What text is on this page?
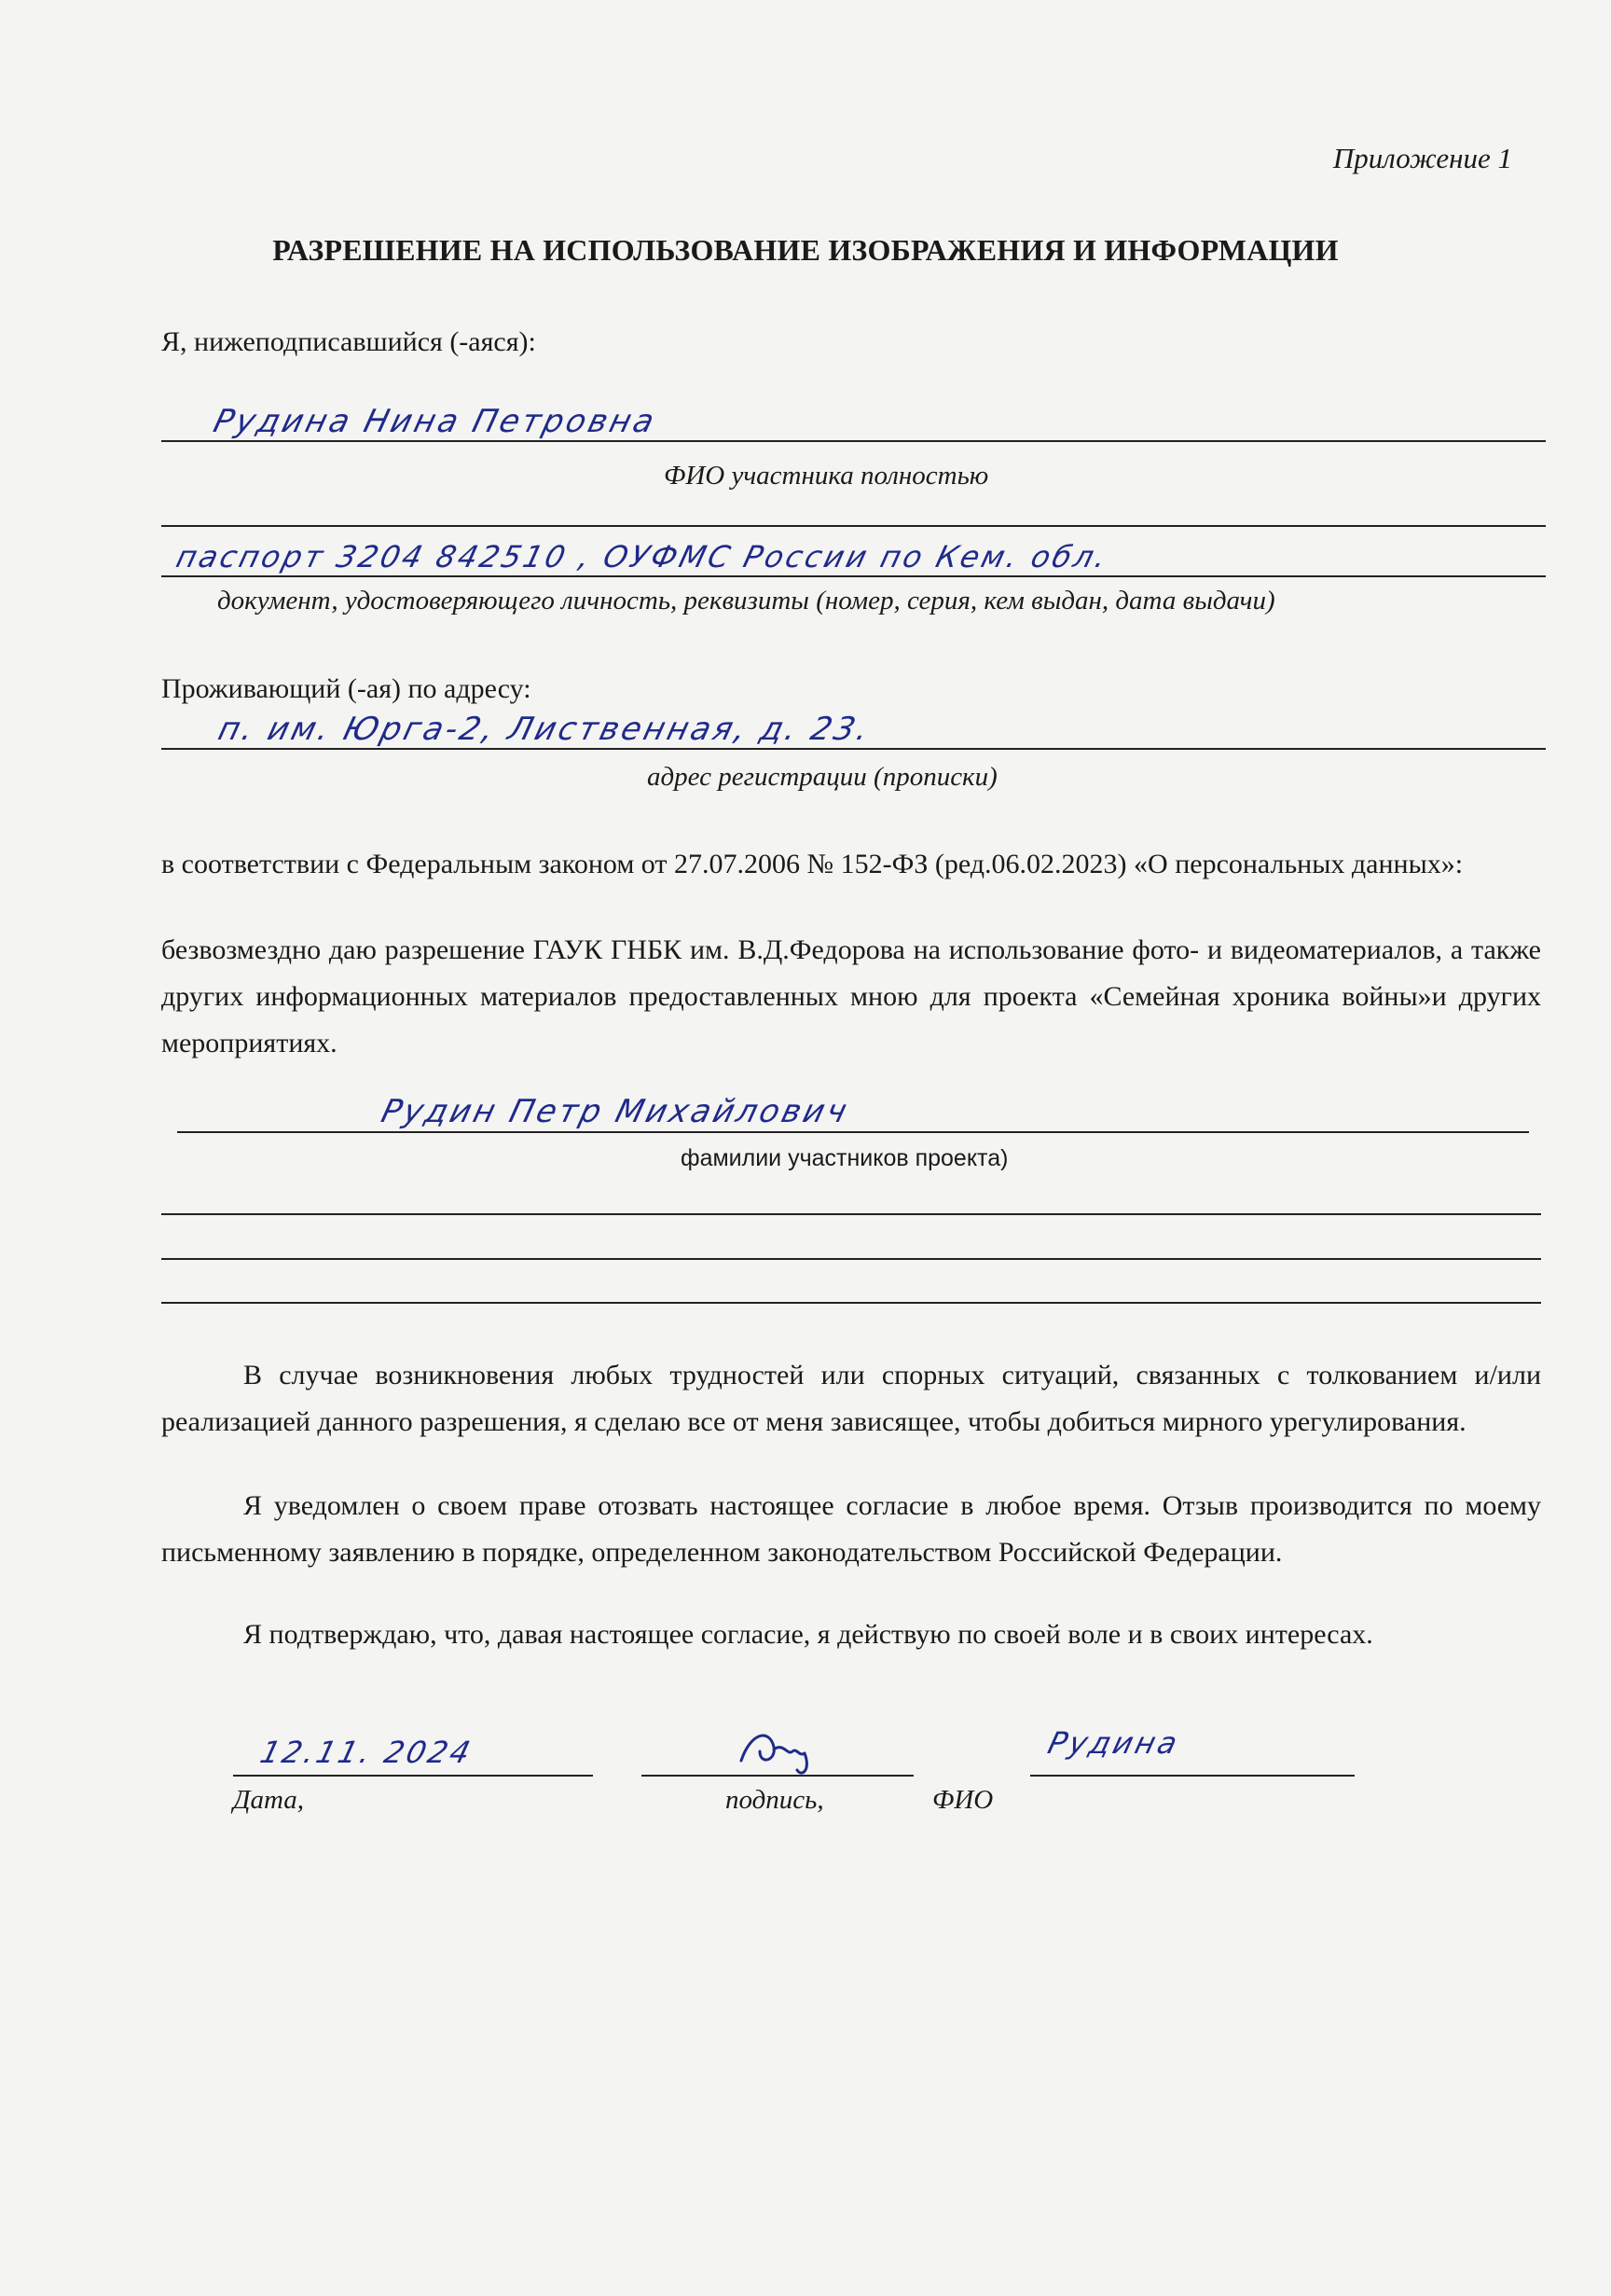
Приложение 1
РАЗРЕШЕНИЕ НА ИСПОЛЬЗОВАНИЕ ИЗОБРАЖЕНИЯ И ИНФОРМАЦИИ
Я, нижеподписавшийся (-аяся):
Рудина Нина Петровна
ФИО участника полностью
паспорт 3204 842510 , ОУФМС России по Кем. обл.
документ, удостоверяющего личность, реквизиты (номер, серия, кем выдан, дата выдачи)
Проживающий (-ая) по адресу:
п. им. Юрга-2, Лиственная, д. 23.
адрес регистрации (прописки)
в соответствии с Федеральным законом от 27.07.2006 № 152-ФЗ (ред.06.02.2023) «О персональных данных»:
безвозмездно даю разрешение ГАУК ГНБК им. В.Д.Федорова на использование фото- и видеоматериалов, а также других информационных материалов предоставленных мною для проекта «Семейная хроника войны»и других мероприятиях.
Рудин Петр Михайлович
фамилии участников проекта)
В случае возникновения любых трудностей или спорных ситуаций, связанных с толкованием и/или реализацией данного разрешения, я сделаю все от меня зависящее, чтобы добиться мирного урегулирования.
Я уведомлен о своем праве отозвать настоящее согласие в любое время. Отзыв производится по моему письменному заявлению в порядке, определенном законодательством Российской Федерации.
Я подтверждаю, что, давая настоящее согласие, я действую по своей воле и в своих интересах.
12.11. 2024
Дата,	подпись,
Рудина
ФИО
